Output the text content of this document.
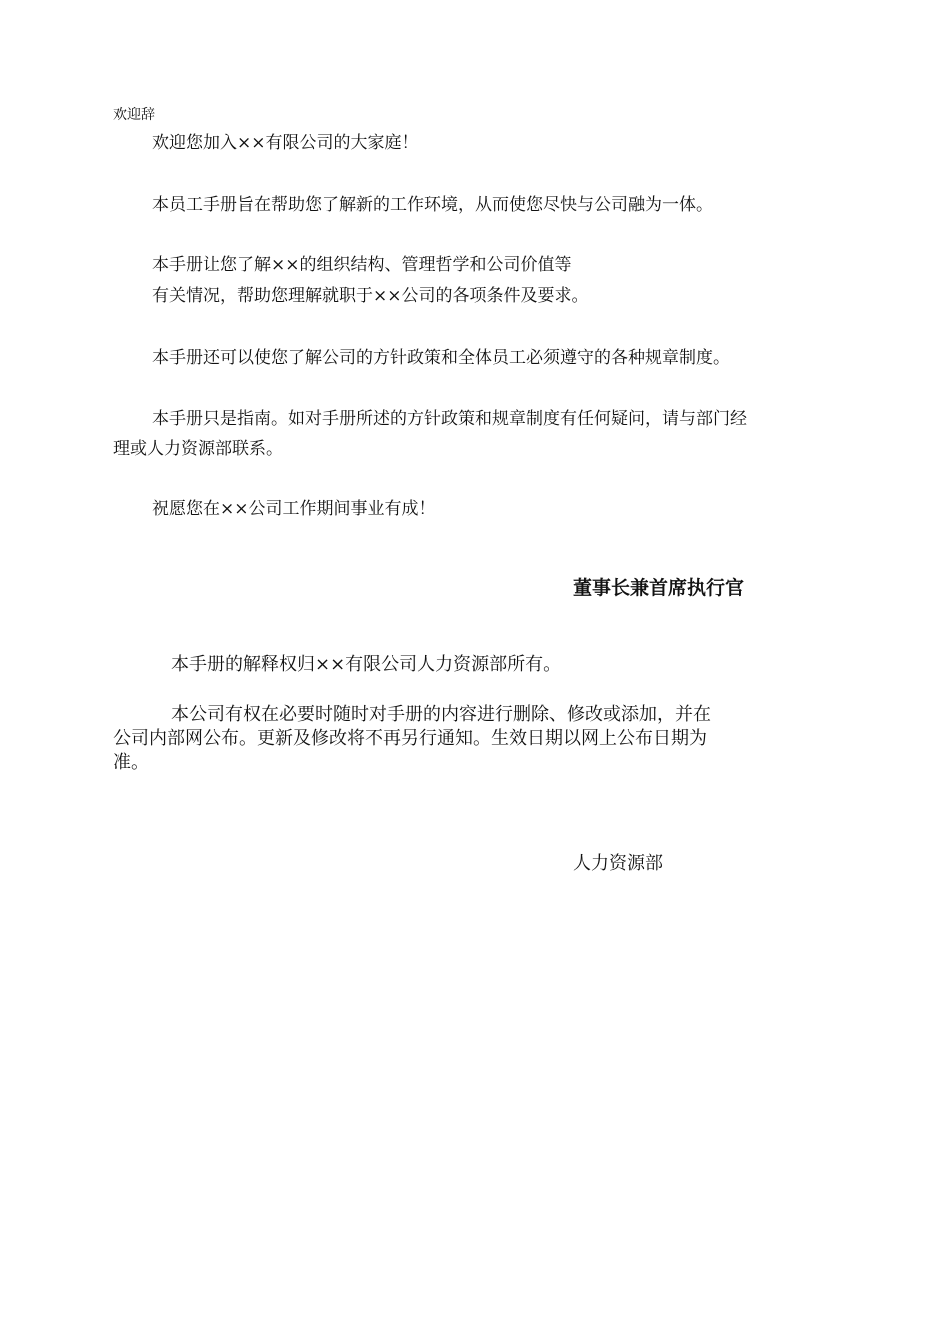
欢迎辞
欢迎您加入××有限公司的大家庭！
本员工手册旨在帮助您了解新的工作环境，从而使您尽快与公司融为一体。
本手册让您了解××的组织结构、管理哲学和公司价值等
有关情况，帮助您理解就职于××公司的各项条件及要求。
本手册还可以使您了解公司的方针政策和全体员工必须遵守的各种规章制度。
本手册只是指南。如对手册所述的方针政策和规章制度有任何疑问，请与部门经
理或人力资源部联系。
祝愿您在××公司工作期间事业有成！
董事长兼首席执行官
本手册的解释权归××有限公司人力资源部所有。
本公司有权在必要时随时对手册的内容进行删除、修改或添加，并在
公司内部网公布。更新及修改将不再另行通知。生效日期以网上公布日期为
准。
人力资源部
